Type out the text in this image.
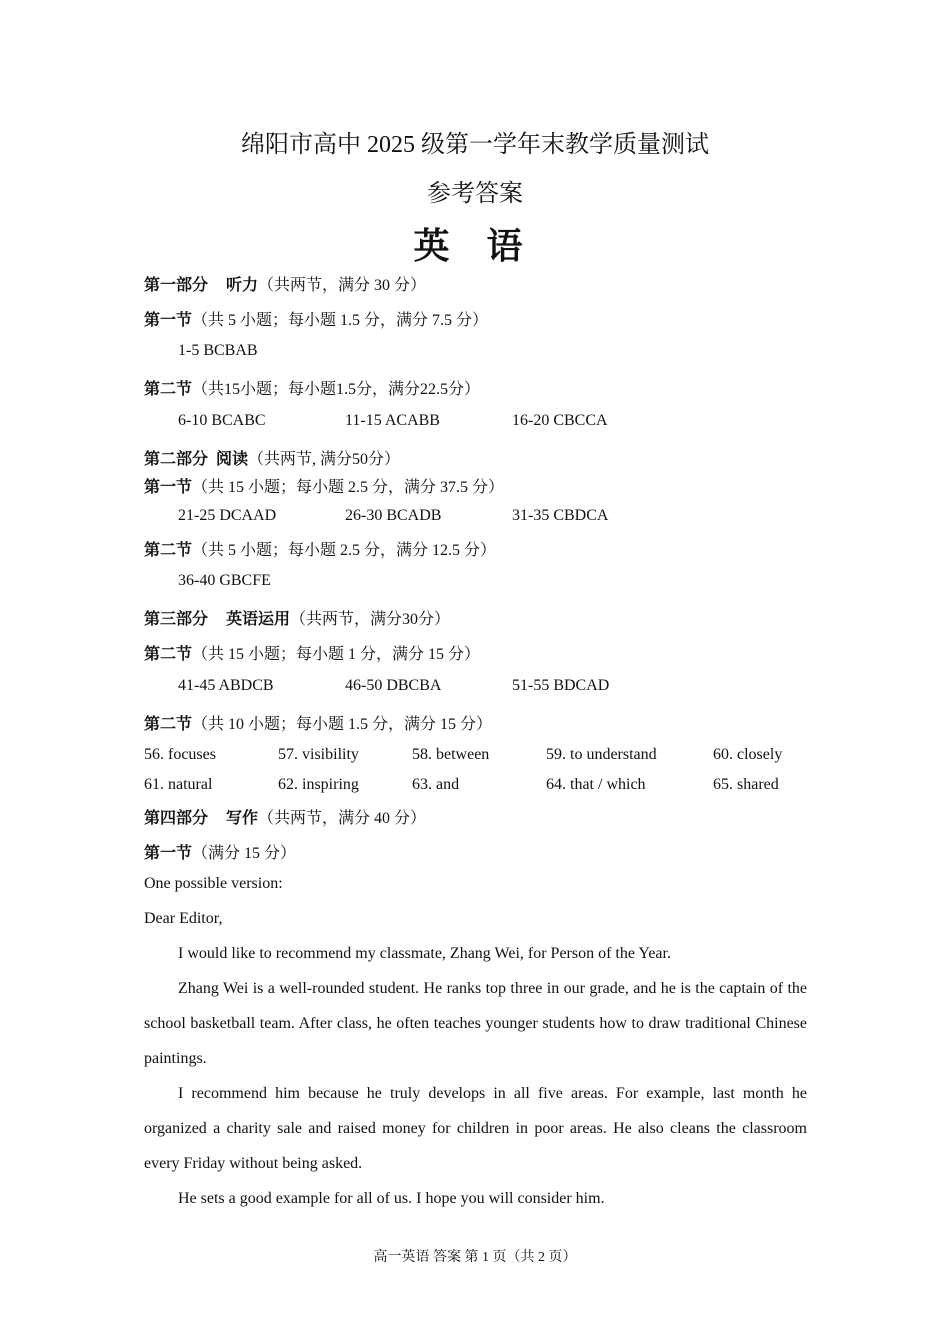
绵阳市高中 2025 级第一学年末教学质量测试
参考答案
英 语
第一部分 听力（共两节，满分 30 分）
第一节（共 5 小题；每小题 1.5 分，满分 7.5 分）
1-5 BCBAB
第二节（共15小题；每小题1.5分，满分22.5分）
6-10 BCABC	11-15 ACABB	16-20 CBCCA
第二部分 阅读（共两节, 满分50分）
第一节（共 15 小题；每小题 2.5 分，满分 37.5 分）
21-25 DCAAD	26-30 BCADB	31-35 CBDCA
第二节（共 5 小题；每小题 2.5 分，满分 12.5 分）
36-40 GBCFE
第三部分 英语运用（共两节，满分30分）
第二节（共 15 小题；每小题 1 分，满分 15 分）
41-45 ABDCB	46-50 DBCBA	51-55 BDCAD
第二节（共 10 小题；每小题 1.5 分，满分 15 分）
56. focuses	57. visibility	58. between	59. to understand	60. closely
61. natural	62. inspiring	63. and	64. that / which	65. shared
第四部分 写作（共两节，满分 40 分）
第一节（满分 15 分）
One possible version:
Dear Editor,
I would like to recommend my classmate, Zhang Wei, for Person of the Year.
Zhang Wei is a well-rounded student. He ranks top three in our grade, and he is the captain of the school basketball team. After class, he often teaches younger students how to draw traditional Chinese paintings.
I recommend him because he truly develops in all five areas. For example, last month he organized a charity sale and raised money for children in poor areas. He also cleans the classroom every Friday without being asked.
He sets a good example for all of us. I hope you will consider him.
高一英语 答案 第 1 页（共 2 页）
